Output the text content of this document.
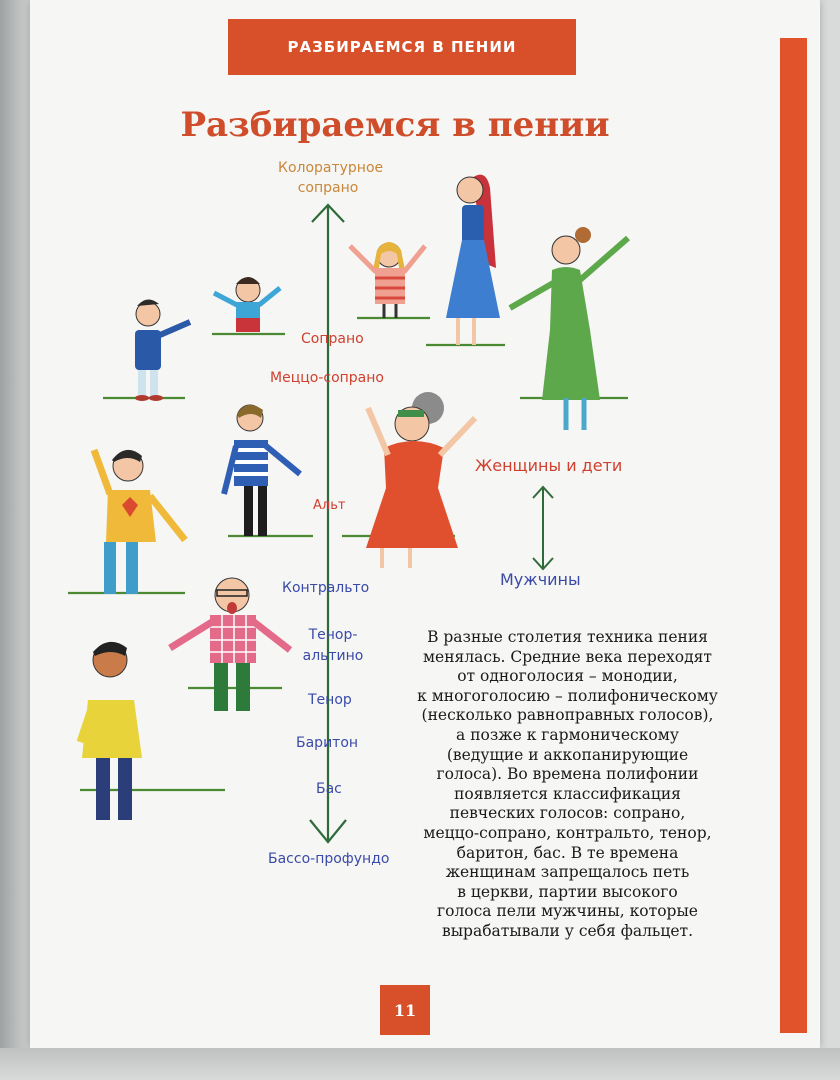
РАЗБИРАЕМСЯ В ПЕНИИ
Разбираемся в пении
Колоратурное
сопрано
Сопрано
Меццо-сопрано
Альт
Контральто
Тенор-
альтино
Тенор
Баритон
Бас
Бассо-профундо
Женщины и дети
Мужчины
В разные столетия техника пения
менялась. Средние века переходят
от одноголосия – монодии,
к многоголосию – полифоническому
(несколько равноправных голосов),
а позже к гармоническому
(ведущие и аккопанирующие
голоса). Во времена полифонии
появляется классификация
певческих голосов: сопрано,
меццо-сопрано, контральто, тенор,
баритон, бас. В те времена
женщинам запрещалось петь
в церкви, партии высокого
голоса пели мужчины, которые
вырабатывали у себя фальцет.
11
